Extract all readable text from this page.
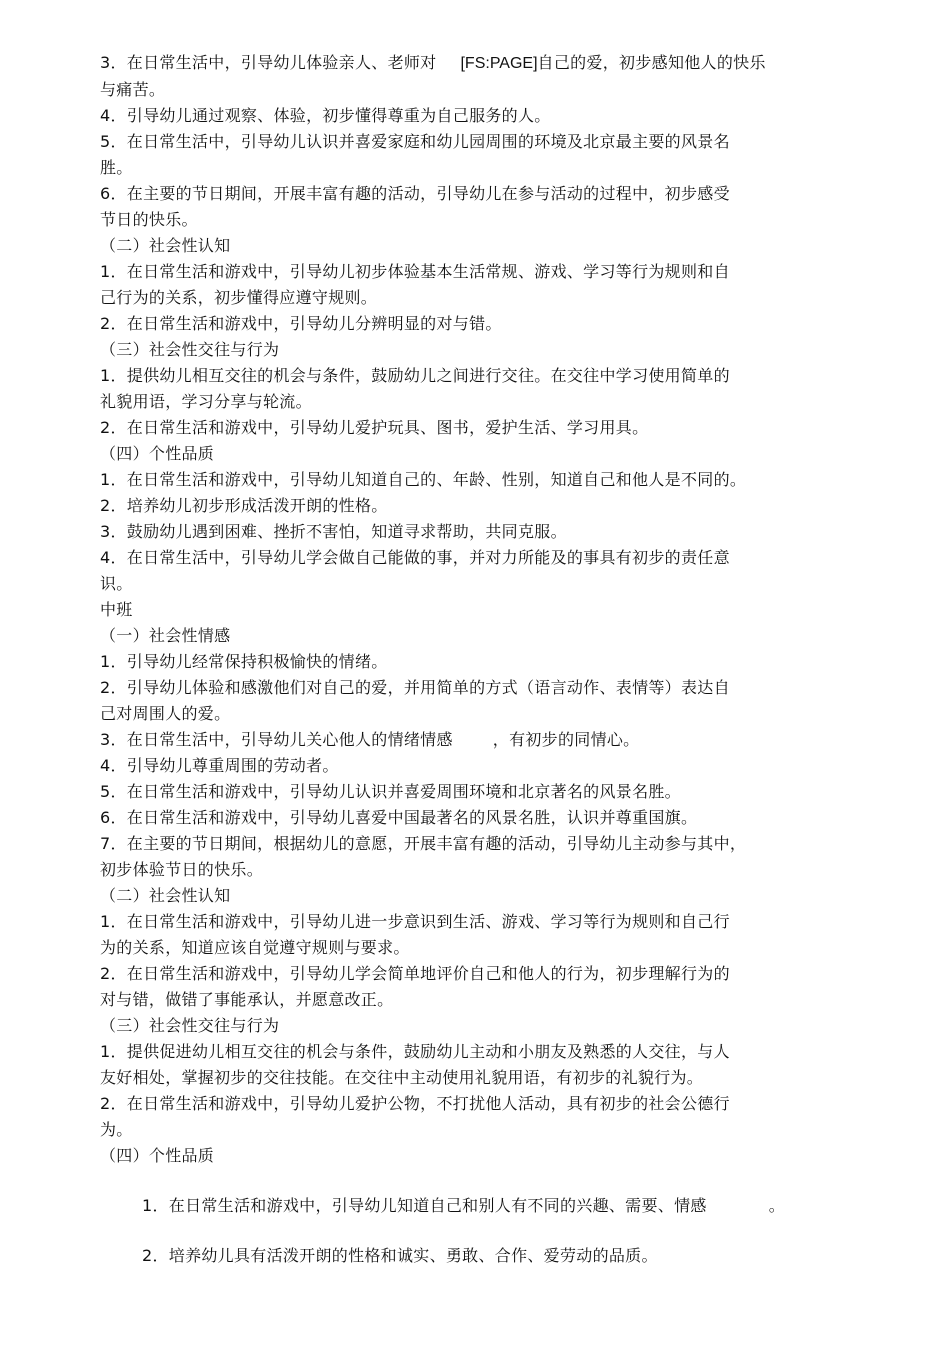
3．在日常生活中，引导幼儿体验亲人、老师对 [FS:PAGE]自己的爱，初步感知他人的快乐
与痛苦。
4．引导幼儿通过观察、体验，初步懂得尊重为自己服务的人。
5．在日常生活中，引导幼儿认识并喜爱家庭和幼儿园周围的环境及北京最主要的风景名
胜。
6．在主要的节日期间，开展丰富有趣的活动，引导幼儿在参与活动的过程中，初步感受
节日的快乐。
（二）社会性认知
1．在日常生活和游戏中，引导幼儿初步体验基本生活常规、游戏、学习等行为规则和自
己行为的关系，初步懂得应遵守规则。
2．在日常生活和游戏中，引导幼儿分辨明显的对与错。
（三）社会性交往与行为
1．提供幼儿相互交往的机会与条件，鼓励幼儿之间进行交往。在交往中学习使用简单的
礼貌用语，学习分享与轮流。
2．在日常生活和游戏中，引导幼儿爱护玩具、图书，爱护生活、学习用具。
（四）个性品质
1．在日常生活和游戏中，引导幼儿知道自己的、年龄、性别，知道自己和他人是不同的。
2．培养幼儿初步形成活泼开朗的性格。
3．鼓励幼儿遇到困难、挫折不害怕，知道寻求帮助，共同克服。
4．在日常生活中，引导幼儿学会做自己能做的事，并对力所能及的事具有初步的责任意
识。
中班
（一）社会性情感
1．引导幼儿经常保持积极愉快的情绪。
2．引导幼儿体验和感激他们对自己的爱，并用简单的方式（语言动作、表情等）表达自
己对周围人的爱。
3．在日常生活中，引导幼儿关心他人的情绪情感	，有初步的同情心。
4．引导幼儿尊重周围的劳动者。
5．在日常生活和游戏中，引导幼儿认识并喜爱周围环境和北京著名的风景名胜。
6．在日常生活和游戏中，引导幼儿喜爱中国最著名的风景名胜，认识并尊重国旗。
7．在主要的节日期间，根据幼儿的意愿，开展丰富有趣的活动，引导幼儿主动参与其中，
初步体验节日的快乐。
（二）社会性认知
1．在日常生活和游戏中，引导幼儿进一步意识到生活、游戏、学习等行为规则和自己行
为的关系，知道应该自觉遵守规则与要求。
2．在日常生活和游戏中，引导幼儿学会简单地评价自己和他人的行为，初步理解行为的
对与错，做错了事能承认，并愿意改正。
（三）社会性交往与行为
1．提供促进幼儿相互交往的机会与条件，鼓励幼儿主动和小朋友及熟悉的人交往，与人
友好相处，掌握初步的交往技能。在交往中主动使用礼貌用语，有初步的礼貌行为。
2．在日常生活和游戏中，引导幼儿爱护公物，不打扰他人活动，具有初步的社会公德行
为。
（四）个性品质
1．在日常生活和游戏中，引导幼儿知道自己和别人有不同的兴趣、需要、情感	。
2．培养幼儿具有活泼开朗的性格和诚实、勇敢、合作、爱劳动的品质。
